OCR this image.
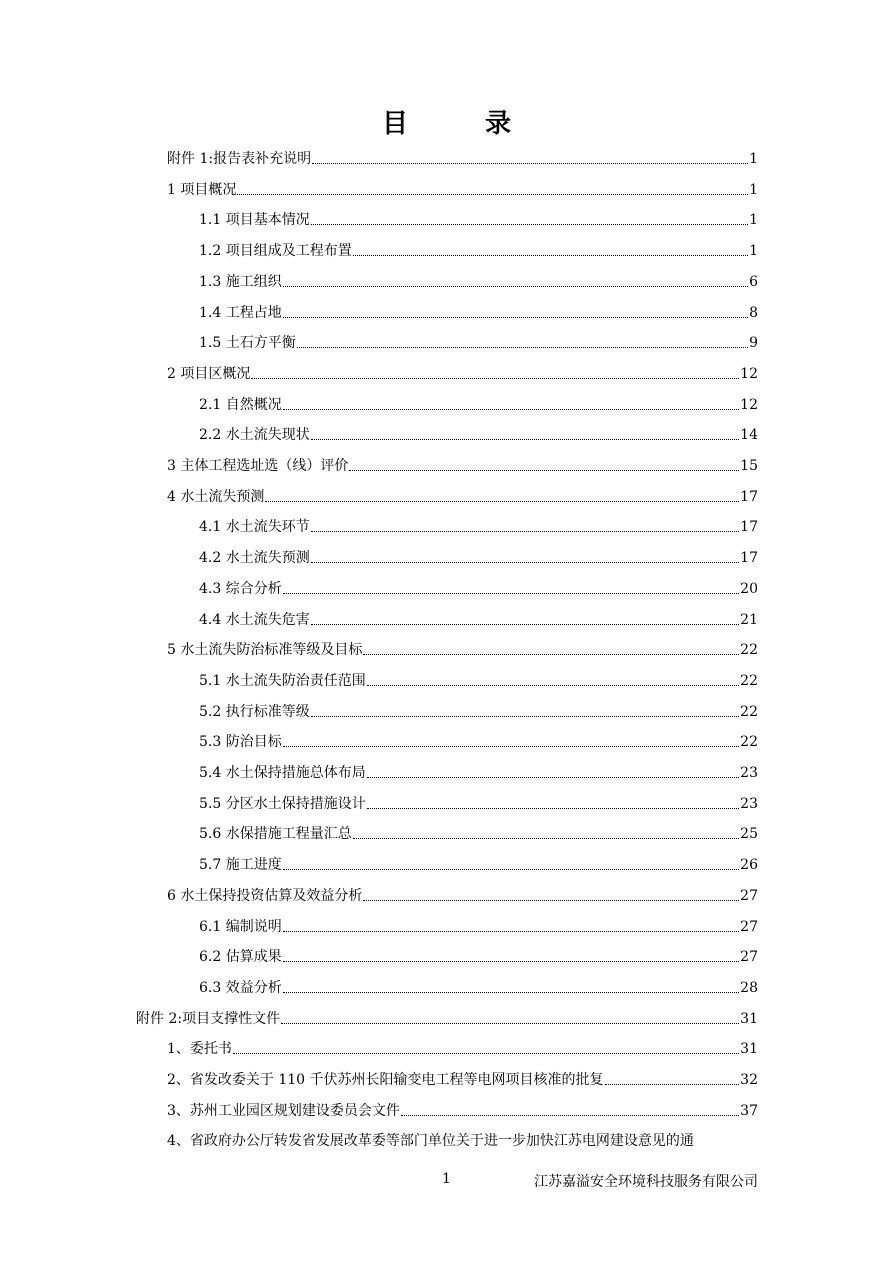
目 录
附件 1:报告表补充说明	1
1 项目概况	1
1.1 项目基本情况	1
1.2 项目组成及工程布置	1
1.3 施工组织	6
1.4 工程占地	8
1.5 土石方平衡	9
2 项目区概况	12
2.1 自然概况	12
2.2 水土流失现状	14
3 主体工程选址选（线）评价	15
4 水土流失预测	17
4.1 水土流失环节	17
4.2 水土流失预测	17
4.3 综合分析	20
4.4 水土流失危害	21
5 水土流失防治标准等级及目标	22
5.1 水土流失防治责任范围	22
5.2 执行标准等级	22
5.3 防治目标	22
5.4 水土保持措施总体布局	23
5.5 分区水土保持措施设计	23
5.6 水保措施工程量汇总	25
5.7 施工进度	26
6 水土保持投资估算及效益分析	27
6.1 编制说明	27
6.2 估算成果	27
6.3 效益分析	28
附件 2:项目支撑性文件	31
1、委托书	31
2、省发改委关于 110 千伏苏州长阳输变电工程等电网项目核准的批复	32
3、苏州工业园区规划建设委员会文件	37
4、省政府办公厅转发省发展改革委等部门单位关于进一步加快江苏电网建设意见的通
1	江苏嘉溢安全环境科技服务有限公司
